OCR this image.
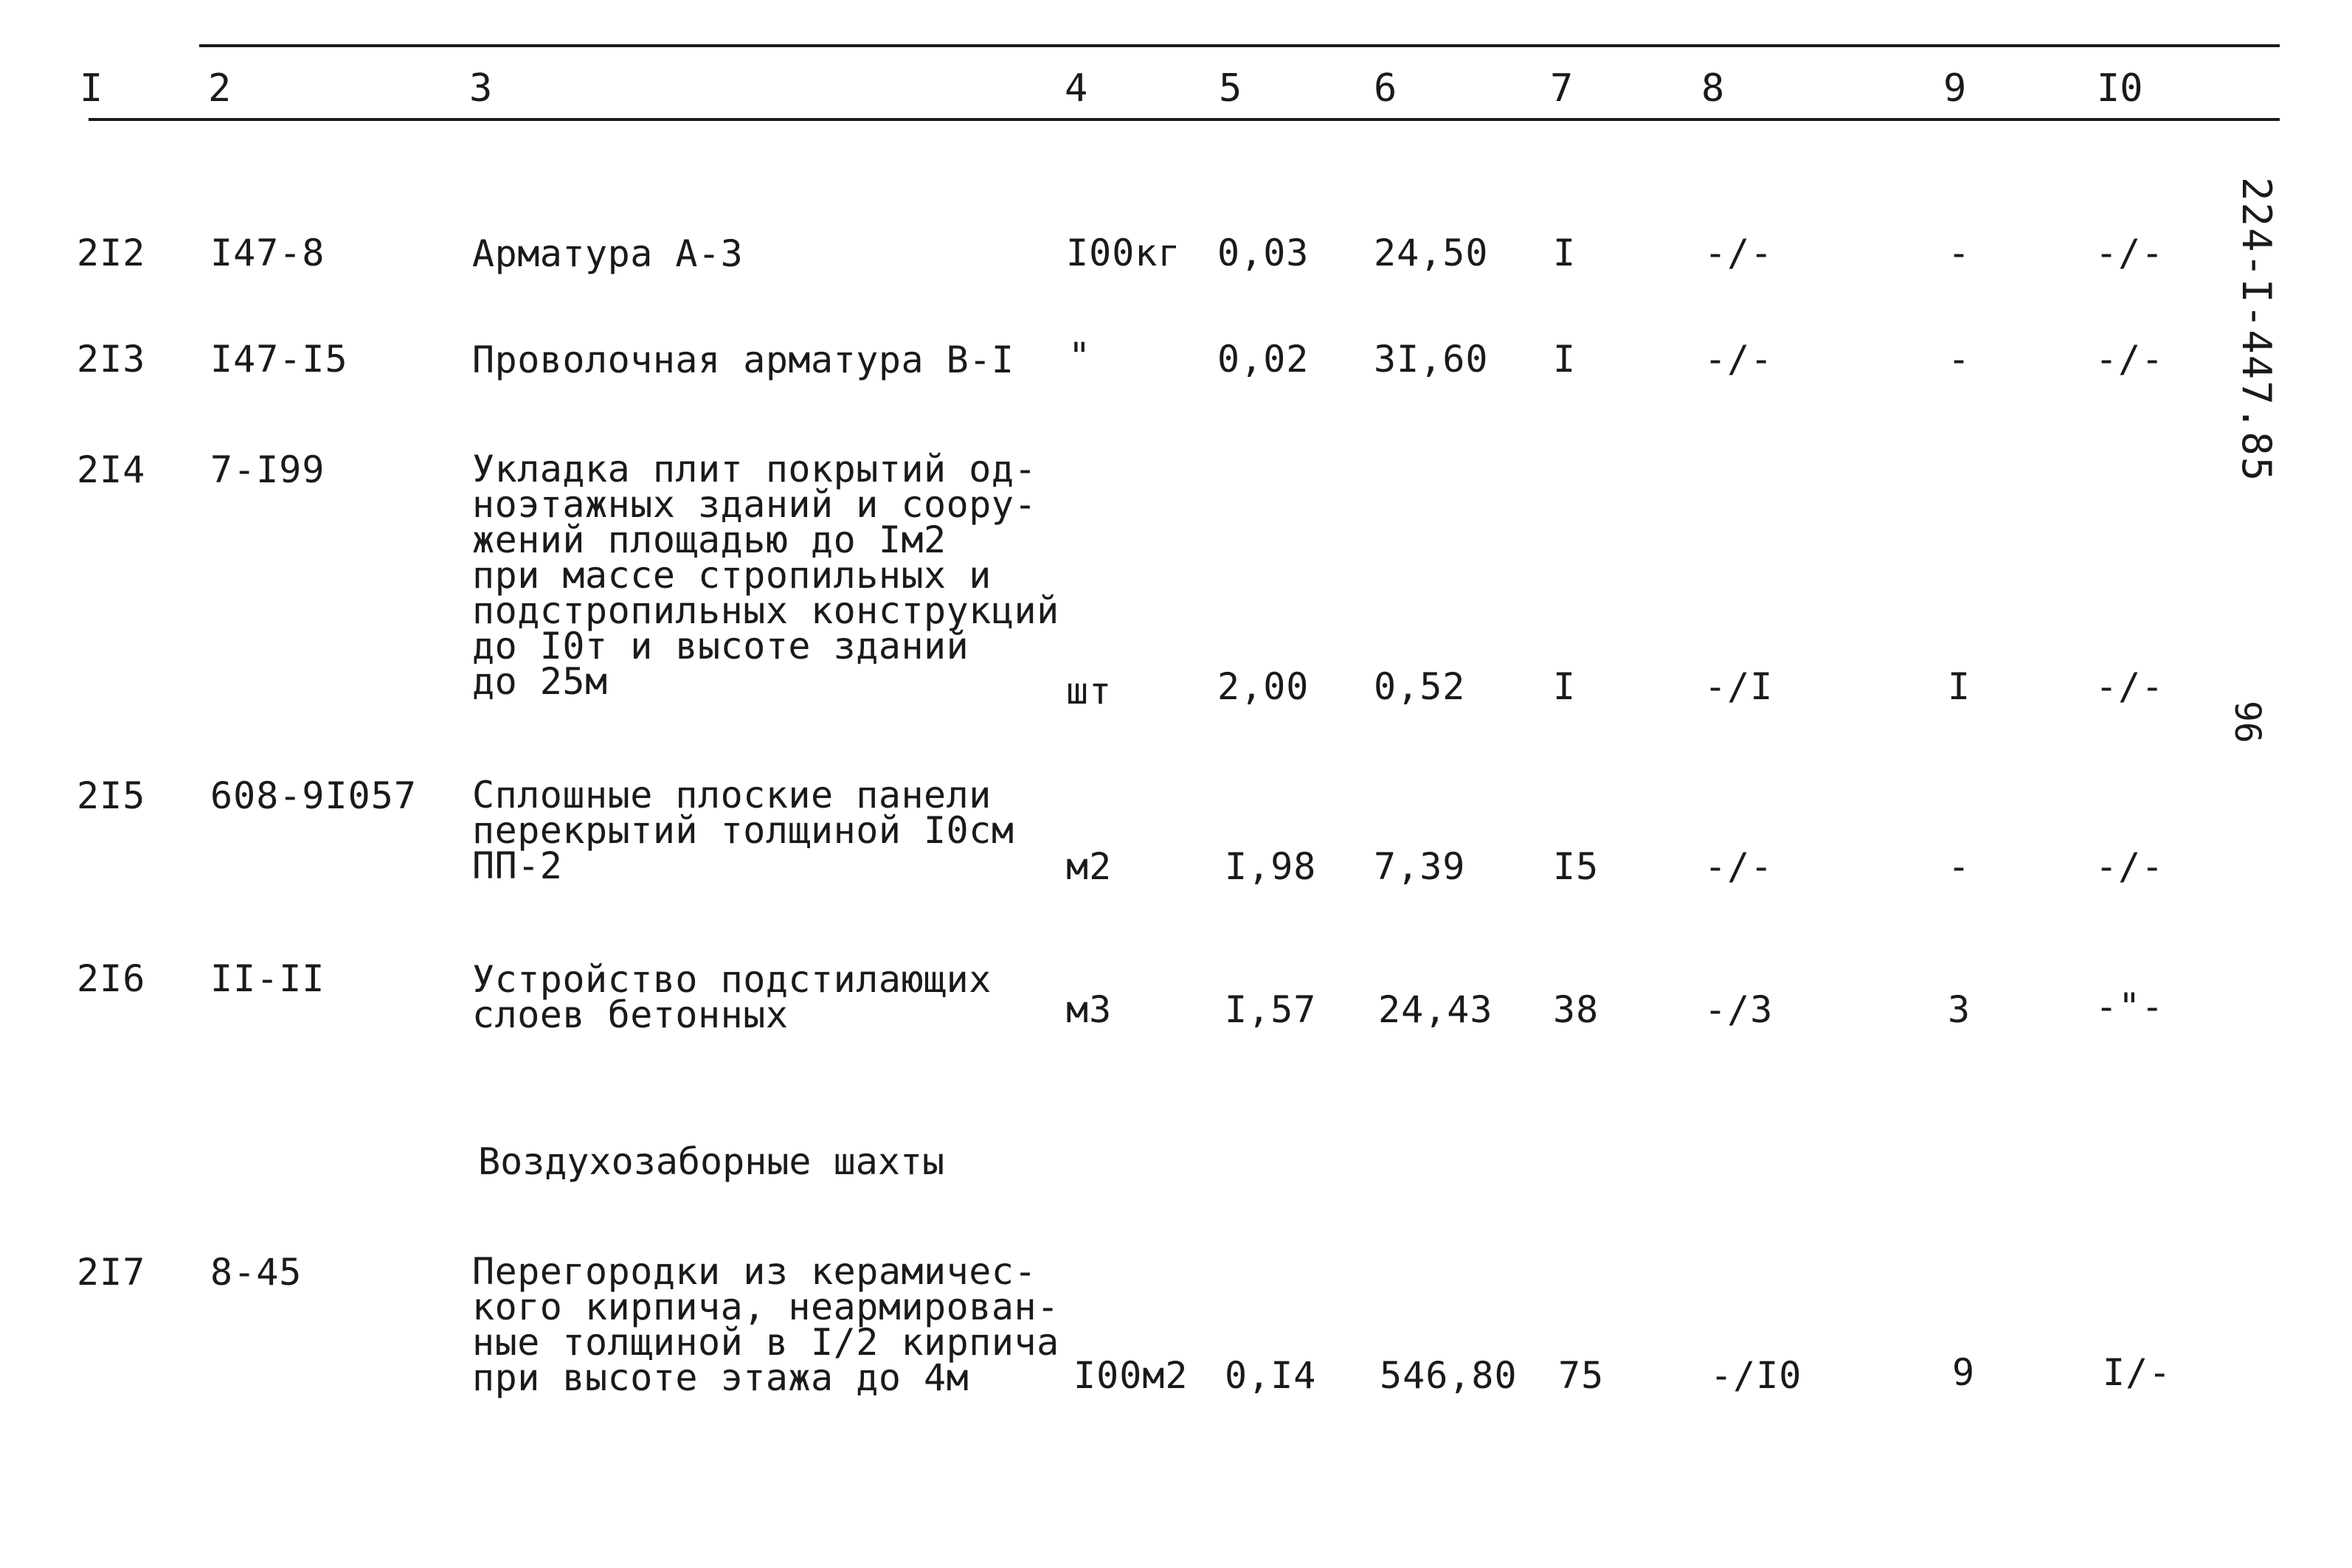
I	2	3	4	5	6	7	8	9	I0
224-I-447.85
96
2I2 I47-8	Арматура А-3	I00кг 0,03 24,50 I	-/-	-	-/-
2I3 I47-I5	Проволочная арматура В-I "	0,02 3I,60 I	-/-	-	-/-
2I4 7-I99	Укладка плит покрытий од-
ноэтажных зданий и соору-
жений площадью до Iм2
при массе стропильных и
подстропильных конструкций
до I0т и высоте зданий
до 25м	шт	2,00 0,52 I	-/I	I	-/-
2I5 608-9I057 Сплошные плоские панели
перекрытий толщиной I0см
ПП-2	м2	I,98 7,39 I5	-/-	-	-/-
2I6 II-II	Устройство подстилающих
слоев бетонных	м3	I,57 24,43 38	-/3	3	-"-
Воздухозаборные шахты
2I7 8-45	Перегородки из керамичес-
кого кирпича, неармирован-
ные толщиной в I/2 кирпича
при высоте этажа до 4м	I00м2 0,I4 546,80 75	-/I0	9	I/-
